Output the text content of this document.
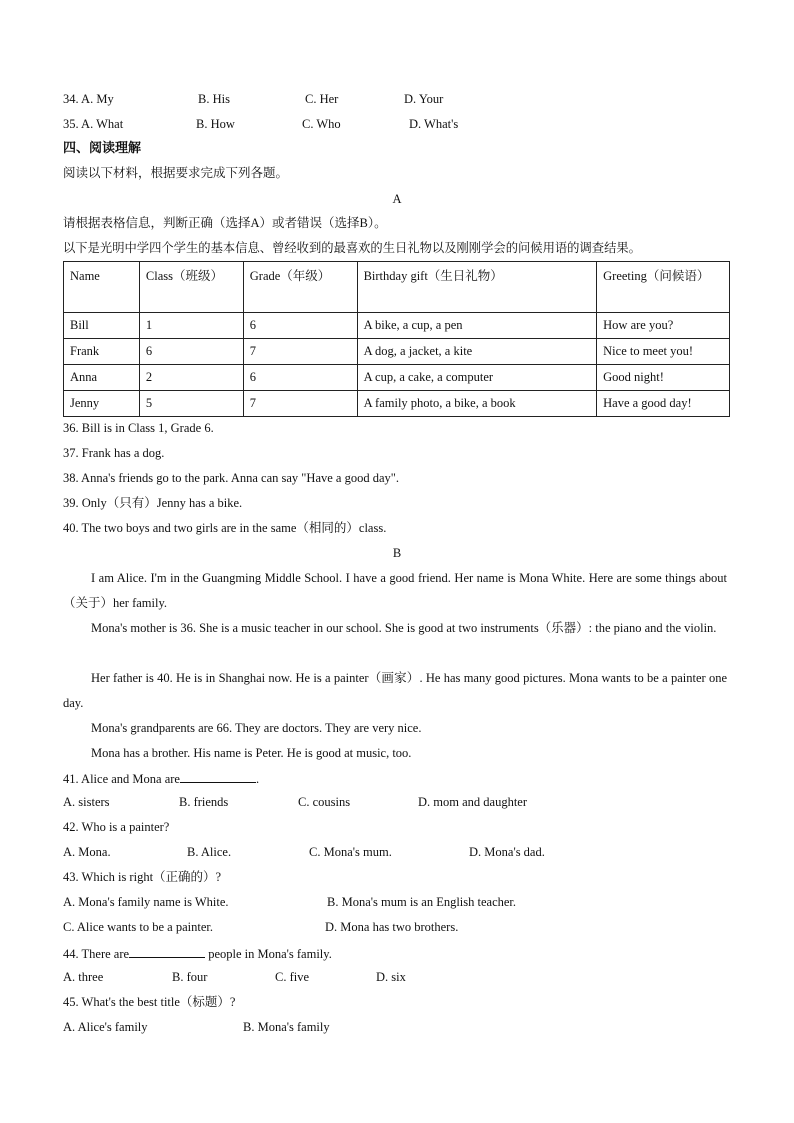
34. A. My	B. His	C. Her	D. Your
35. A. What	B. How	C. Who	D. What's
四、阅读理解
阅读以下材料，根据要求完成下列各题。
A
请根据表格信息，判断正确（选择A）或者错误（选择B）。
以下是光明中学四个学生的基本信息、曾经收到的最喜欢的生日礼物以及刚刚学会的问候用语的调查结果。
Name	Class（班级）	Grade（年级）	Birthday gift（生日礼物）	Greeting（问候语）
Bill	1	6	A bike, a cup, a pen	How are you?
Frank	6	7	A dog, a jacket, a kite	Nice to meet you!
Anna	2	6	A cup, a cake, a computer	Good night!
Jenny	5	7	A family photo, a bike, a book	Have a good day!
36. Bill is in Class 1, Grade 6.
37. Frank has a dog.
38. Anna's friends go to the park. Anna can say "Have a good day".
39. Only（只有）Jenny has a bike.
40. The two boys and two girls are in the same（相同的）class.
B
I am Alice. I'm in the Guangming Middle School. I have a good friend. Her name is Mona White. Here are some things about（关于）her family.
Mona's mother is 36. She is a music teacher in our school. She is good at two instruments（乐器）: the piano and the violin.
Her father is 40. He is in Shanghai now. He is a painter（画家）. He has many good pictures. Mona wants to be a painter one day.
Mona's grandparents are 66. They are doctors. They are very nice.
Mona has a brother. His name is Peter. He is good at music, too.
41. Alice and Mona are	.
A. sisters	B. friends	C. cousins	D. mom and daughter
42. Who is a painter?
A. Mona.	B. Alice.	C. Mona's mum.	D. Mona's dad.
43. Which is right（正确的）?
A. Mona's family name is White.	B. Mona's mum is an English teacher.
C. Alice wants to be a painter.	D. Mona has two brothers.
44. There are	people in Mona's family.
A. three	B. four	C. five	D. six
45. What's the best title（标题）?
A. Alice's family	B. Mona's family
